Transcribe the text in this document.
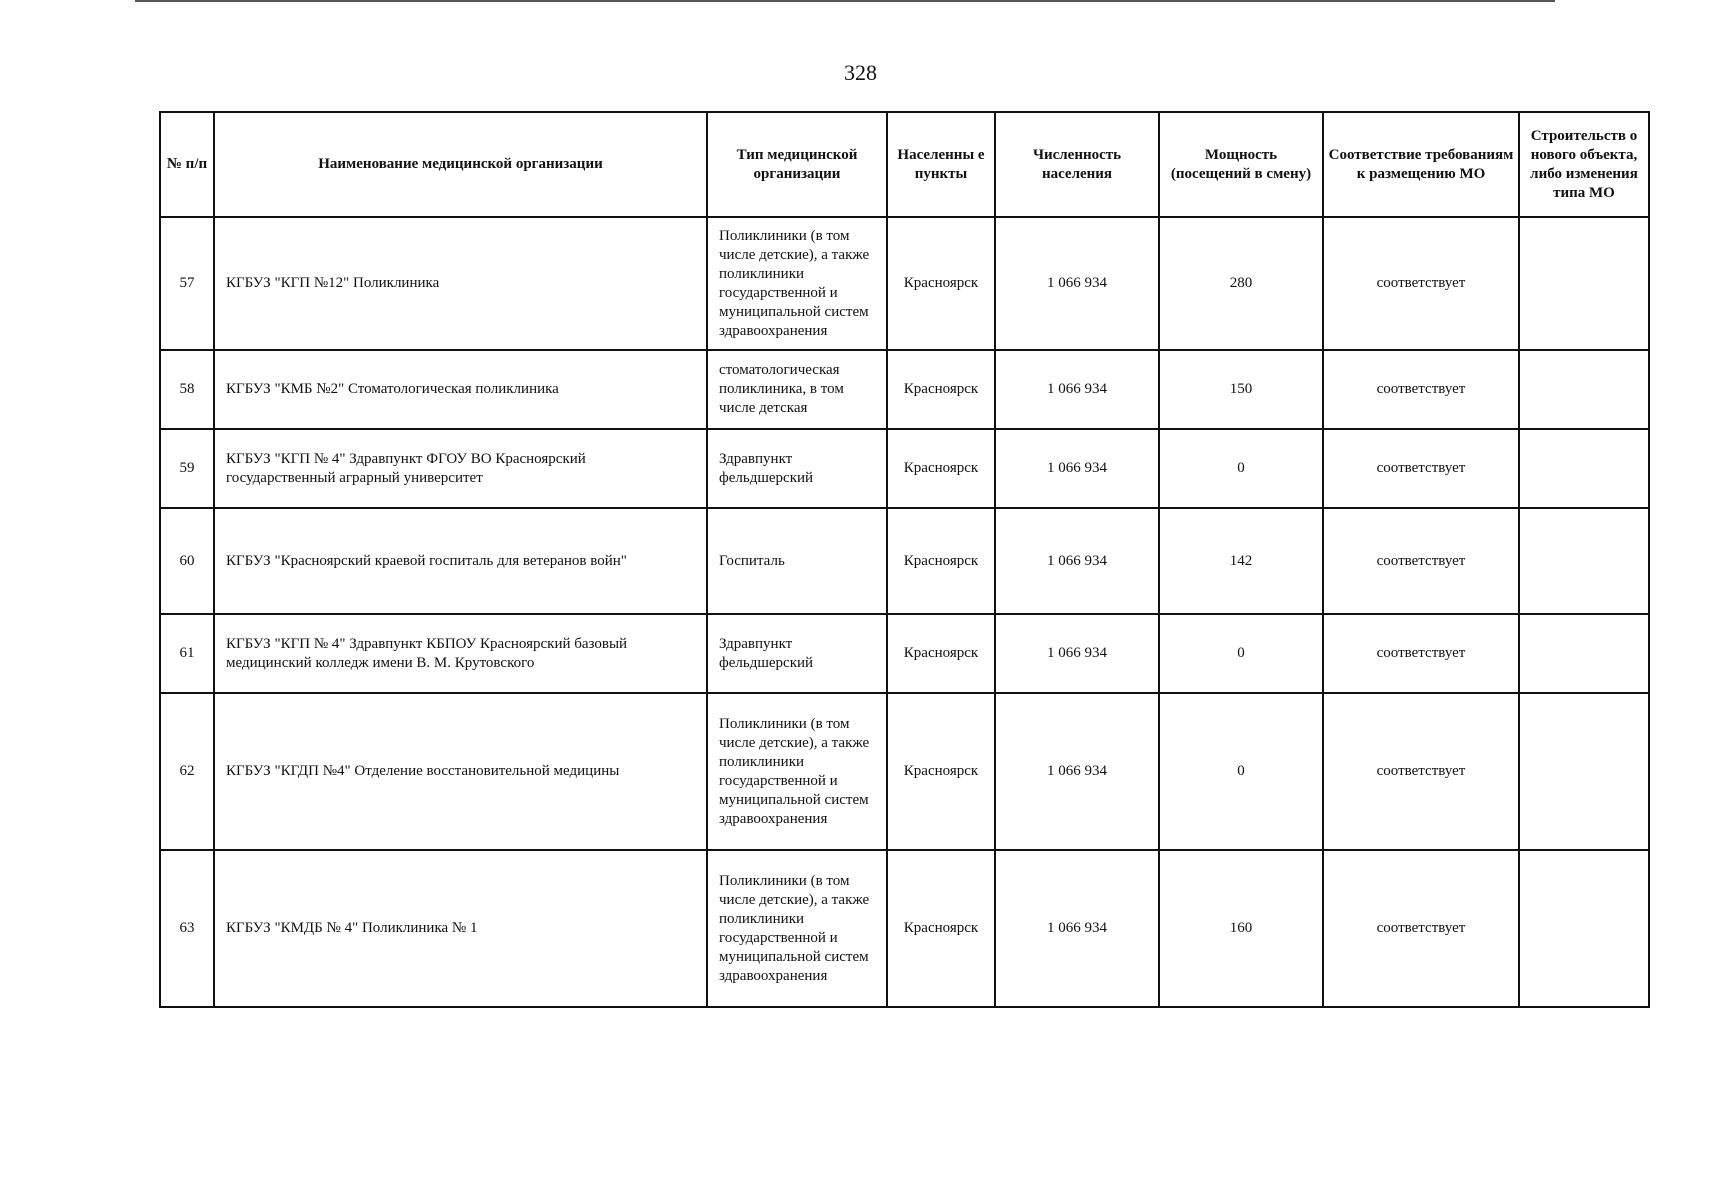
328
№ п/п	Наименование медицинской организации	Тип медицинской организации	Населенны е пункты	Численность населения	Мощность (посещений в смену)	Соответствие требованиям к размещению МО	Строительств о нового объекта, либо изменения типа МО
57	КГБУЗ "КГП №12" Поликлиника	Поликлиники (в том числе детские), а также поликлиники государственной и муниципальной систем здравоохранения	Красноярск	1 066 934	280	соответствует	
58	КГБУЗ "КМБ №2" Стоматологическая поликлиника	стоматологическая поликлиника, в том числе детская	Красноярск	1 066 934	150	соответствует	
59	КГБУЗ "КГП № 4" Здравпункт ФГОУ ВО Красноярский государственный аграрный университет	Здравпункт фельдшерский	Красноярск	1 066 934	0	соответствует	
60	КГБУЗ "Красноярский краевой госпиталь для ветеранов войн"	Госпиталь	Красноярск	1 066 934	142	соответствует	
61	КГБУЗ "КГП № 4" Здравпункт КБПОУ Красноярский базовый медицинский колледж имени В. М. Крутовского	Здравпункт фельдшерский	Красноярск	1 066 934	0	соответствует	
62	КГБУЗ "КГДП №4" Отделение восстановительной медицины	Поликлиники (в том числе детские), а также поликлиники государственной и муниципальной систем здравоохранения	Красноярск	1 066 934	0	соответствует	
63	КГБУЗ "КМДБ № 4" Поликлиника № 1	Поликлиники (в том числе детские), а также поликлиники государственной и муниципальной систем здравоохранения	Красноярск	1 066 934	160	соответствует	
